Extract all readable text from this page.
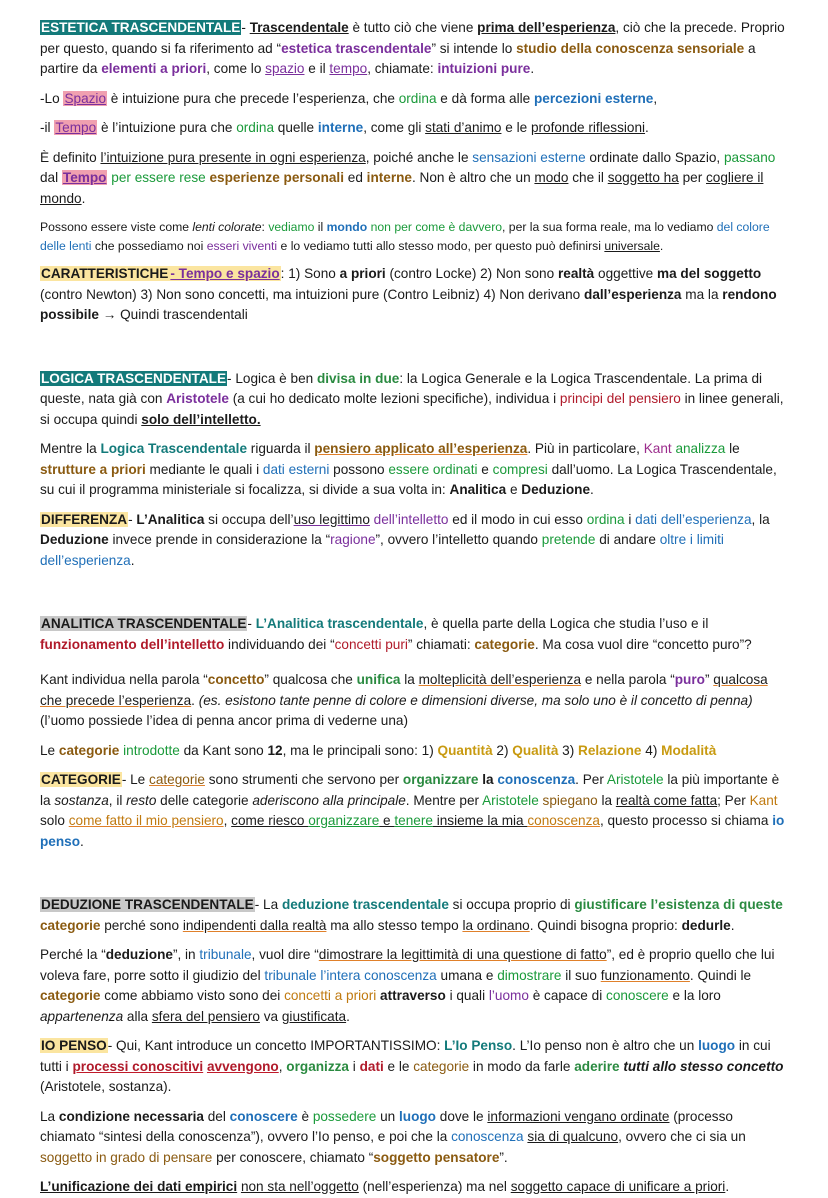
ESTETICA TRASCENDENTALE- Trascendentale è tutto ciò che viene prima dell’esperienza, ciò che la precede. Proprio per questo, quando si fa riferimento ad “estetica trascendentale” si intende lo studio della conoscenza sensoriale a partire da elementi a priori, come lo spazio e il tempo, chiamate: intuizioni pure.

-Lo Spazio è intuizione pura che precede l’esperienza, che ordina e dà forma alle percezioni esterne,

-il Tempo è l’intuizione pura che ordina quelle interne, come gli stati d’animo e le profonde riflessioni.

È definito l’intuizione pura presente in ogni esperienza, poiché anche le sensazioni esterne ordinate dallo Spazio, passano dal Tempo per essere rese esperienze personali ed interne. Non è altro che un modo che il soggetto ha per cogliere il mondo.

Possono essere viste come lenti colorate: vediamo il mondo non per come è davvero, per la sua forma reale, ma lo vediamo del colore delle lenti che possediamo noi esseri viventi e lo vediamo tutti allo stesso modo, per questo può definirsi universale.

CARATTERISTICHE - Tempo e spazio: 1) Sono a priori (contro Locke) 2) Non sono realtà oggettive ma del soggetto (contro Newton) 3) Non sono concetti, ma intuizioni pure (Contro Leibniz) 4) Non derivano dall’esperienza ma la rendono possibile → Quindi trascendentali

LOGICA TRASCENDENTALE- Logica è ben divisa in due: la Logica Generale e la Logica Trascendentale. La prima di queste, nata già con Aristotele (a cui ho dedicato molte lezioni specifiche), individua i principi del pensiero in linee generali, si occupa quindi solo dell’intelletto.

Mentre la Logica Trascendentale riguarda il pensiero applicato all’esperienza. Più in particolare, Kant analizza le strutture a priori mediante le quali i dati esterni possono essere ordinati e compresi dall’uomo. La Logica Trascendentale, su cui il programma ministeriale si focalizza, si divide a sua volta in: Analitica e Deduzione.

DIFFERENZA- L’Analitica si occupa dell’uso legittimo dell’intelletto ed il modo in cui esso ordina i dati dell’esperienza, la Deduzione invece prende in considerazione la “ragione”, ovvero l’intelletto quando pretende di andare oltre i limiti dell’esperienza.

ANALITICA TRASCENDENTALE- L’Analitica trascendentale, è quella parte della Logica che studia l’uso e il funzionamento dell’intelletto individuando dei “concetti puri” chiamati: categorie. Ma cosa vuol dire “concetto puro”?

Kant individua nella parola “concetto” qualcosa che unifica la molteplicità dell’esperienza e nella parola “puro” qualcosa che precede l’esperienza. (es. esistono tante penne di colore e dimensioni diverse, ma solo uno è il concetto di penna) (l’uomo possiede l’idea di penna ancor prima di vederne una)

Le categorie introdotte da Kant sono 12, ma le principali sono: 1) Quantità 2) Qualità 3) Relazione 4) Modalità

CATEGORIE- Le categorie sono strumenti che servono per organizzare la conoscenza. Per Aristotele la più importante è la sostanza, il resto delle categorie aderiscono alla principale. Mentre per Aristotele spiegano la realtà come fatta; Per Kant solo come fatto il mio pensiero, come riesco organizzare e tenere insieme la mia conoscenza, questo processo si chiama io penso.

DEDUZIONE TRASCENDENTALE- La deduzione trascendentale si occupa proprio di giustificare l’esistenza di queste categorie perché sono indipendenti dalla realtà ma allo stesso tempo la ordinano. Quindi bisogna proprio: dedurle.

Perché la “deduzione”, in tribunale, vuol dire “dimostrare la legittimità di una questione di fatto”, ed è proprio quello che lui voleva fare, porre sotto il giudizio del tribunale l’intera conoscenza umana e dimostrare il suo funzionamento. Quindi le categorie come abbiamo visto sono dei concetti a priori attraverso i quali l’uomo è capace di conoscere e la loro appartenenza alla sfera del pensiero va giustificata.

IO PENSO- Qui, Kant introduce un concetto IMPORTANTISSIMO: L’Io Penso. L’Io penso non è altro che un luogo in cui tutti i processi conoscitivi avvengono, organizza i dati e le categorie in modo da farle aderire tutti allo stesso concetto (Aristotele, sostanza).

La condizione necessaria del conoscere è possedere un luogo dove le informazioni vengano ordinate (processo chiamato “sintesi della conoscenza”), ovvero l’Io penso, e poi che la conoscenza sia di qualcuno, ovvero che ci sia un soggetto in grado di pensare per conoscere, chiamato “soggetto pensatore”.

L’unificazione dei dati empirici non sta nell’oggetto (nell’esperienza) ma nel soggetto capace di unificare a priori.
